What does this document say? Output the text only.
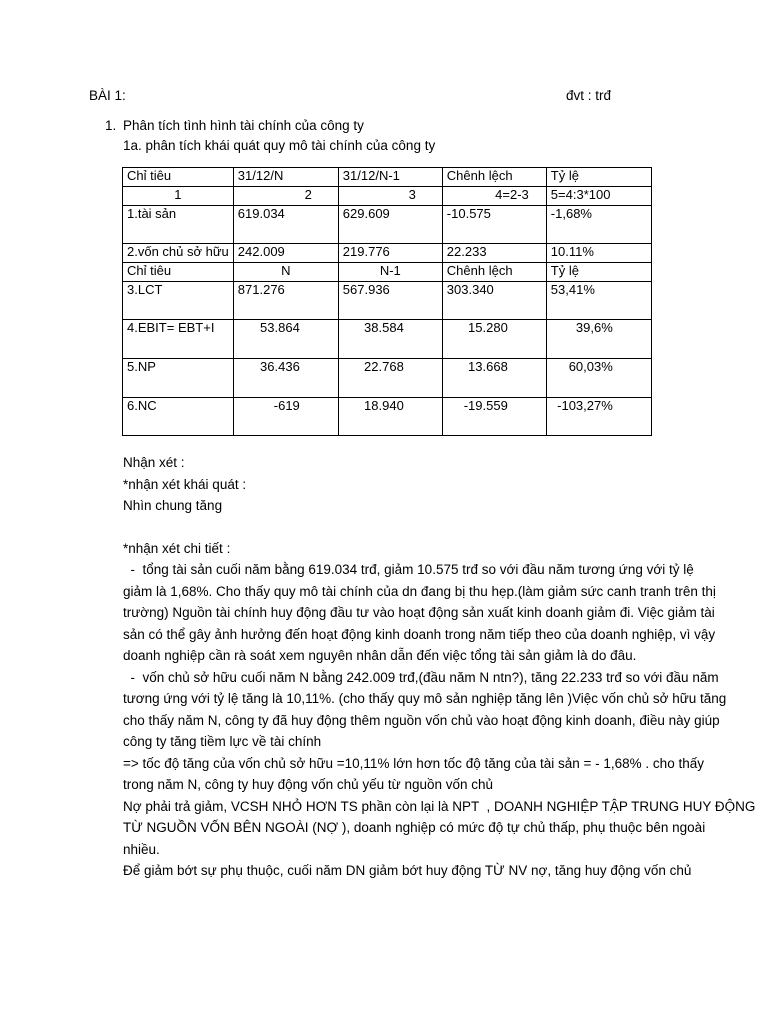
BÀI 1:	đvt : trđ
1. Phân tích tình hình tài chính của công ty
1a. phân tích khái quát quy mô tài chính của công ty
Chỉ tiêu	31/12/N	31/12/N-1	Chênh lệch	Tỷ lệ
1	2	3	4=2-3	5=4:3*100
1.tài sản	619.034	629.609	-10.575	-1,68%
2.vốn chủ sở hữu	242.009	219.776	22.233	10.11%
Chỉ tiêu	N	N-1	Chênh lệch	Tỷ lệ
3.LCT	871.276	567.936	303.340	53,41%
4.EBIT= EBT+I	53.864	38.584	15.280	39,6%
5.NP	36.436	22.768	13.668	60,03%
6.NC	-619	18.940	-19.559	-103,27%

Nhận xét :

*nhận xét khái quát :

Nhìn chung tăng

*nhận xét chi tiết :

-  tổng tài sản cuối năm bằng 619.034 trđ, giảm 10.575 trđ so với đầu năm tương ứng với tỷ lệ

giảm là 1,68%. Cho thấy quy mô tài chính của dn đang bị thu hẹp.(làm giảm sức canh tranh trên thị

trường) Nguồn tài chính huy động đầu tư vào hoạt động sản xuất kinh doanh giảm đi. Việc giảm tài

sản có thể gây ảnh hưởng đến hoạt động kinh doanh trong năm tiếp theo của doanh nghiệp, vì vậy

doanh nghiệp cần rà soát xem nguyên nhân dẫn đến việc tổng tài sản giảm là do đâu.

-  vốn chủ sở hữu cuối năm N bằng 242.009 trđ,(đầu năm N ntn?), tăng 22.233 trđ so với đầu năm

tương ứng với tỷ lệ tăng là 10,11%. (cho thấy quy mô sản nghiệp tăng lên )Việc vốn chủ sở hữu tăng

cho thấy năm N, công ty đã huy động thêm nguồn vốn chủ vào hoạt động kinh doanh, điều này giúp

công ty tăng tiềm lực về tài chính

=> tốc độ tăng của vốn chủ sở hữu =10,11% lớn hơn tốc độ tăng của tài sản = - 1,68% . cho thấy

trong năm N, công ty huy động vốn chủ yếu từ nguồn vốn chủ

Nợ phải trả giảm, VCSH NHỎ HƠN TS phần còn lại là NPT  , DOANH NGHIỆP TẬP TRUNG HUY ĐỘNG

TỪ NGUỒN VỐN BÊN NGOÀI (NỢ ), doanh nghiệp có mức độ tự chủ thấp, phụ thuộc bên ngoài

nhiều.

Để giảm bớt sự phụ thuộc, cuối năm DN giảm bớt huy động TỪ NV nợ, tăng huy động vốn chủ
